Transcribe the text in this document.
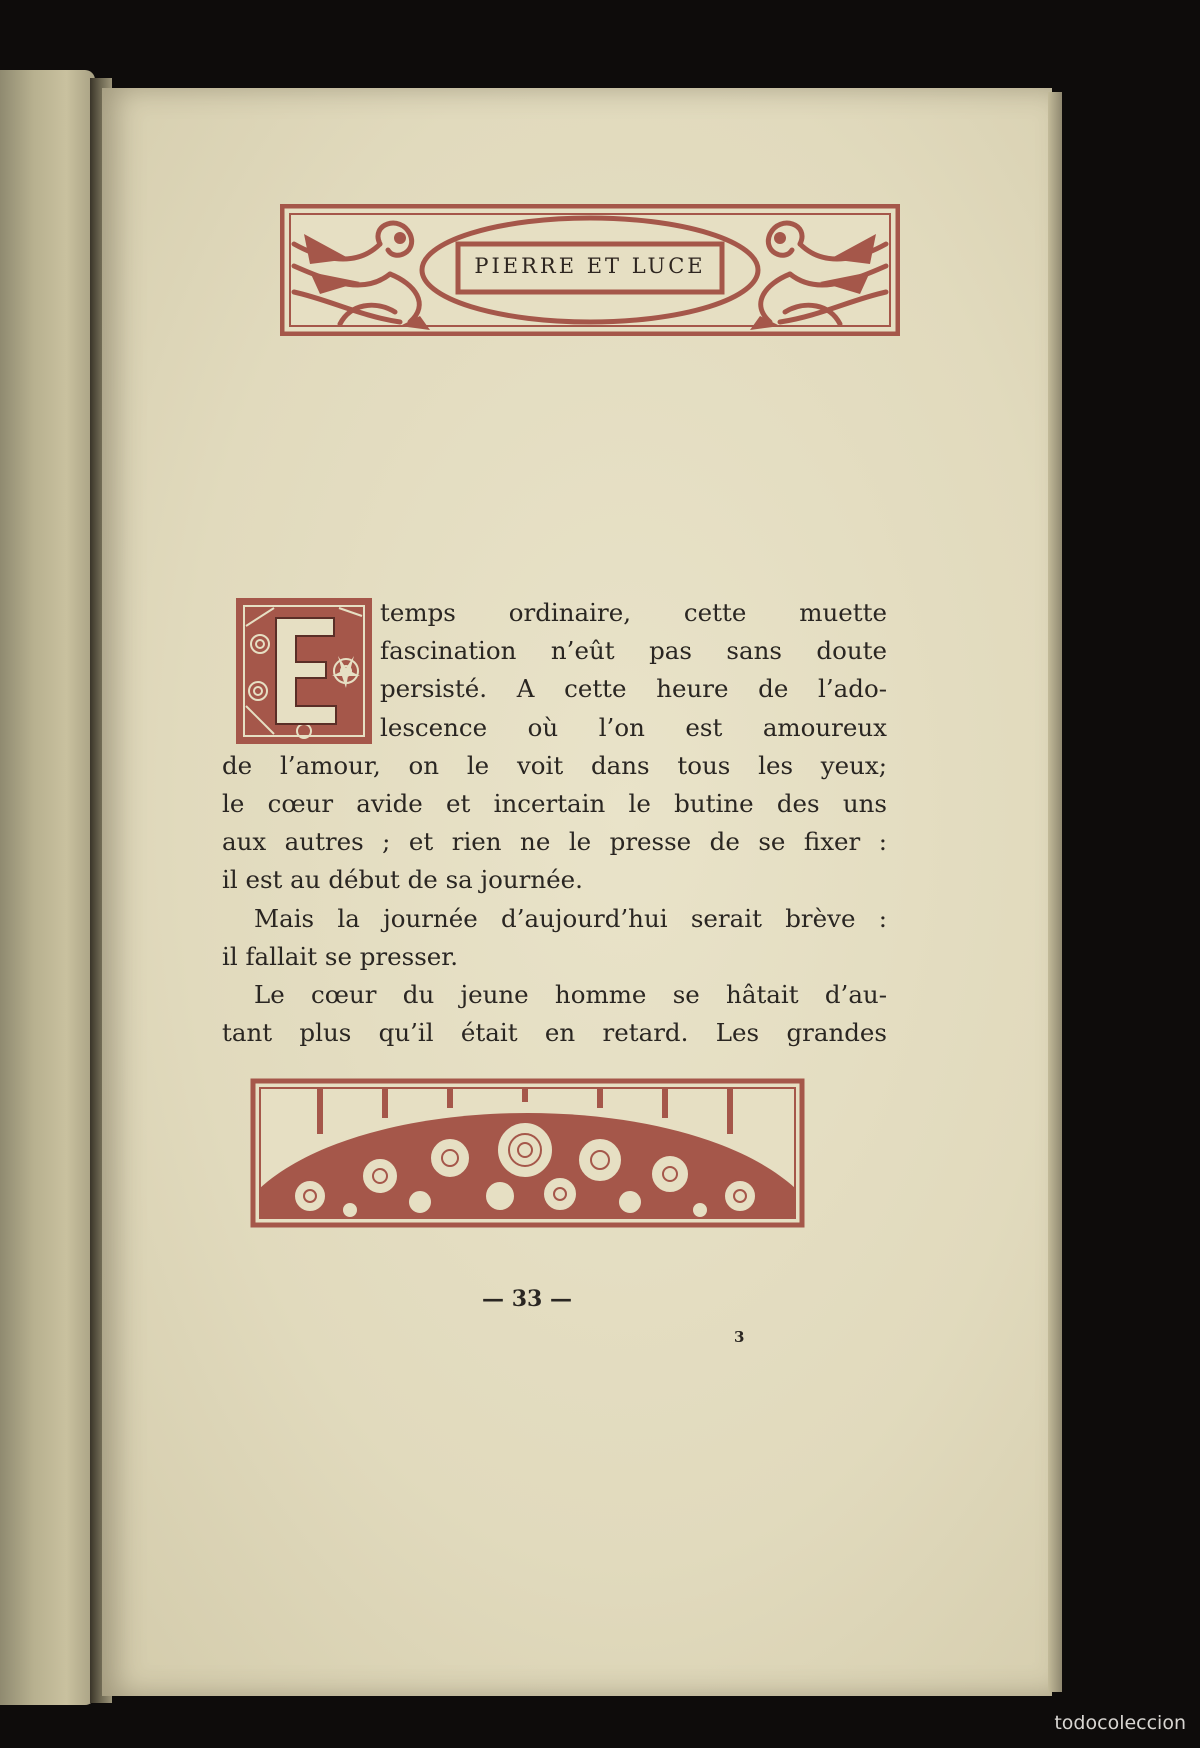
PIERRE ET LUCE
E
temps ordinaire, cette muette
fascination n’eût pas sans doute
persisté. A cette heure de l’ado-
lescence où l’on est amoureux
de l’amour, on le voit dans tous les yeux;
le cœur avide et incertain le butine des uns
aux autres ; et rien ne le presse de se fixer :
il est au début de sa journée.
Mais la journée d’aujourd’hui serait brève :
il fallait se presser.
Le cœur du jeune homme se hâtait d’au-
tant plus qu’il était en retard. Les grandes
— 33 —
3
todocoleccion
